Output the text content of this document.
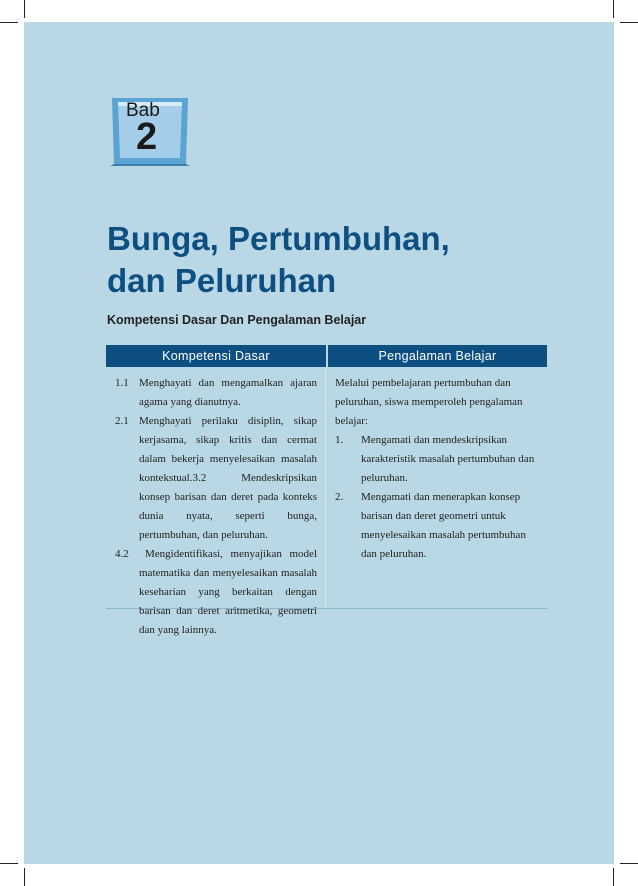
Bab
2
Bunga, Pertumbuhan,
dan Peluruhan
Kompetensi Dasar Dan Pengalaman Belajar
Kompetensi Dasar	Pengalaman Belajar
1.1 Menghayati dan mengamalkan ajaran agama yang dianutnya.
2.1 Menghayati perilaku disiplin, sikap kerjasama, sikap kritis dan cermat dalam bekerja menyelesaikan masalah kontekstual.3.2 Mendeskripsikan konsep barisan dan deret pada konteks dunia nyata, seperti bunga, pertumbuhan, dan peluruhan.
4.2	Mengidentifikasi, menyajikan model matematika dan menyelesaikan masalah keseharian yang berkaitan dengan barisan dan deret aritmetika, geometri dan yang lainnya.
Melalui pembelajaran pertumbuhan dan peluruhan, siswa memperoleh pengalaman belajar:
1. Mengamati dan mendeskripsikan karakteristik masalah pertumbuhan dan peluruhan.
2. Mengamati dan menerapkan konsep barisan dan deret geometri untuk menyelesaikan masalah pertumbuhan dan peluruhan.
